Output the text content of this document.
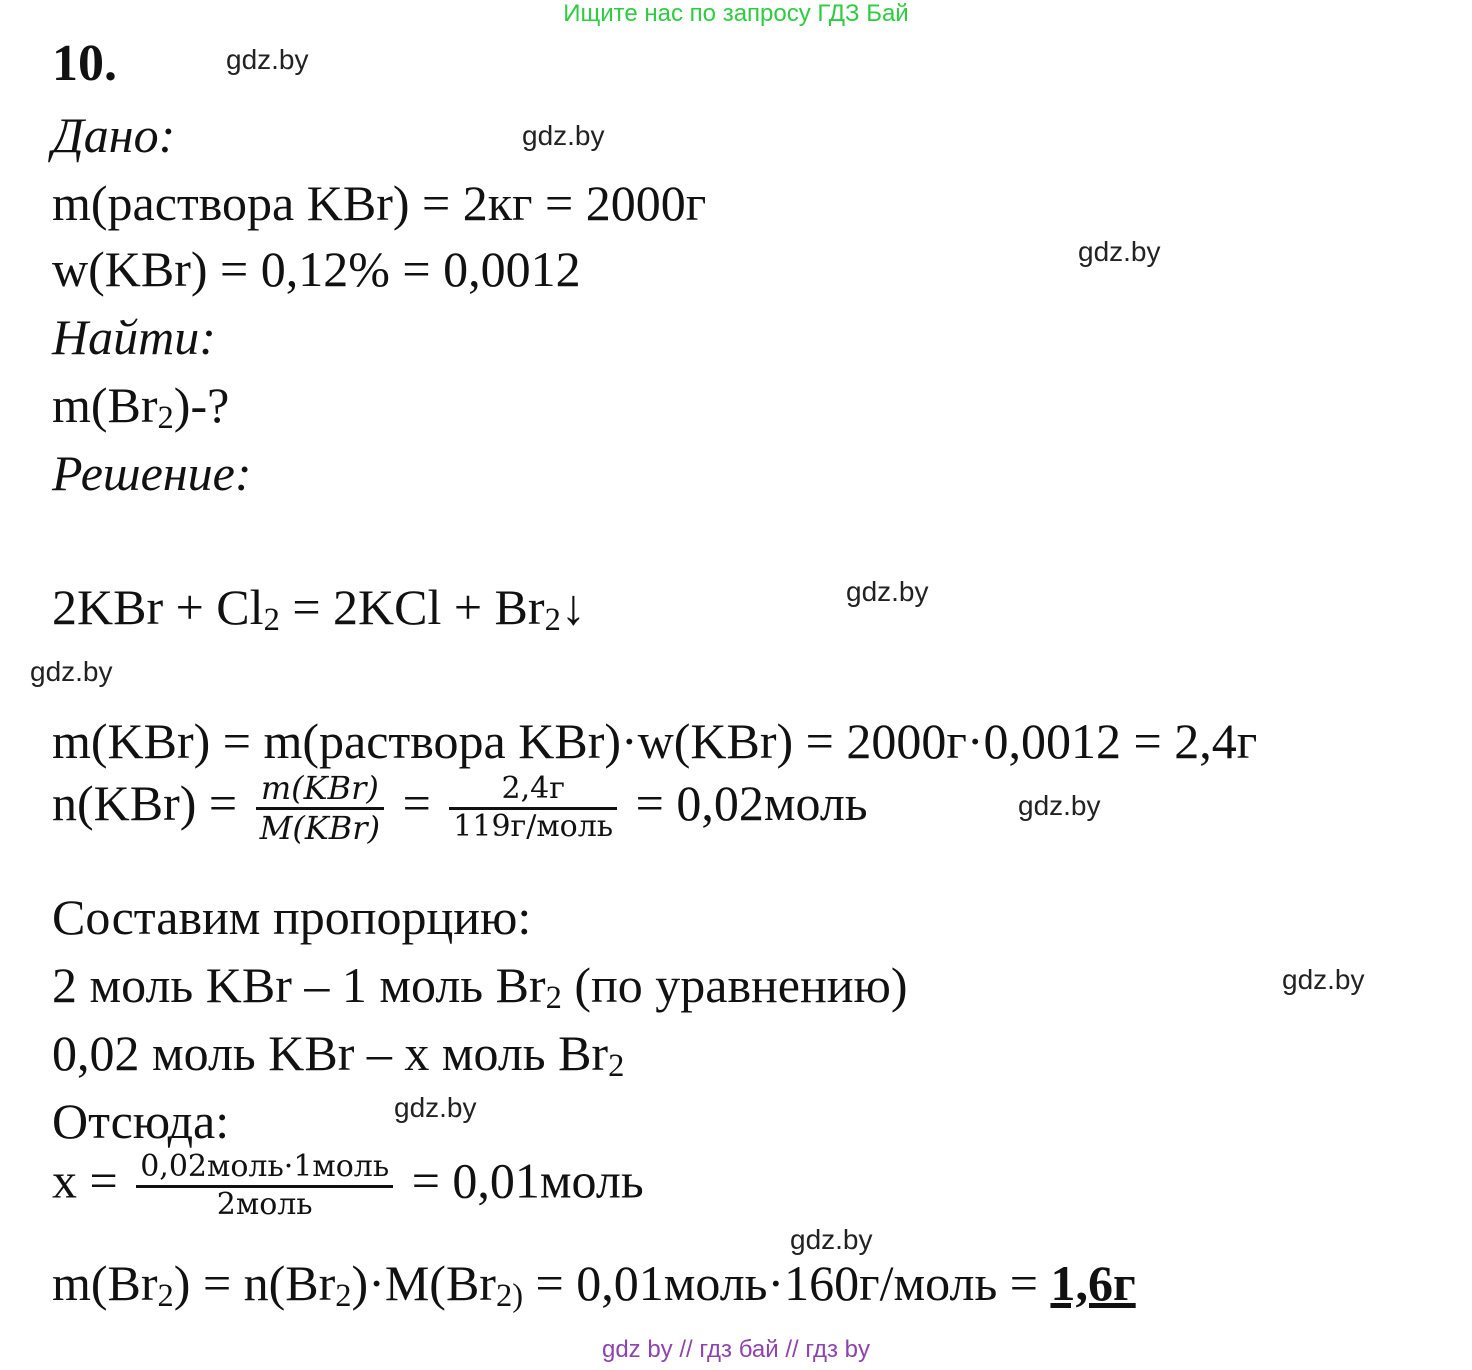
Ищите нас по запросу ГДЗ Бай
gdz.by
gdz.by
gdz.by
gdz.by
gdz.by
gdz.by
gdz.by
gdz.by
gdz.by
10.
Дано:
m(раствора KBr) = 2кг = 2000г
w(KBr) = 0,12% = 0,0012
Найти:
$m(Br_2)-$?
Решение:
$2KBr + Cl_2 = 2KCl$ + $Br_2↓$
m(KBr) = m(раствора KBr)·w(KBr) = 2000г·0,0012 = 2,4г
$n(KBr) = \frac{\text{m(KBr)}}{\text{M(KBr)}} = \frac{2,4г}{\text{119г/моль}}$ = 0,02моль
Составим пропорцию:
2 моль KBr – 1 моль $Br_2$ (по уравнению)
0,02 моль KBr – x моль $Br_2$
Отсюда:
$x = \frac{\text{0,02моль·1моль}}{\text{2моль}}$ = 0,01моль
$m(Br_2) = n(Br_2)\cdot M(Br_{2)}$ = 0,01моль·160г/моль = 1,6г
gdz by // гдз бай // гдз by
